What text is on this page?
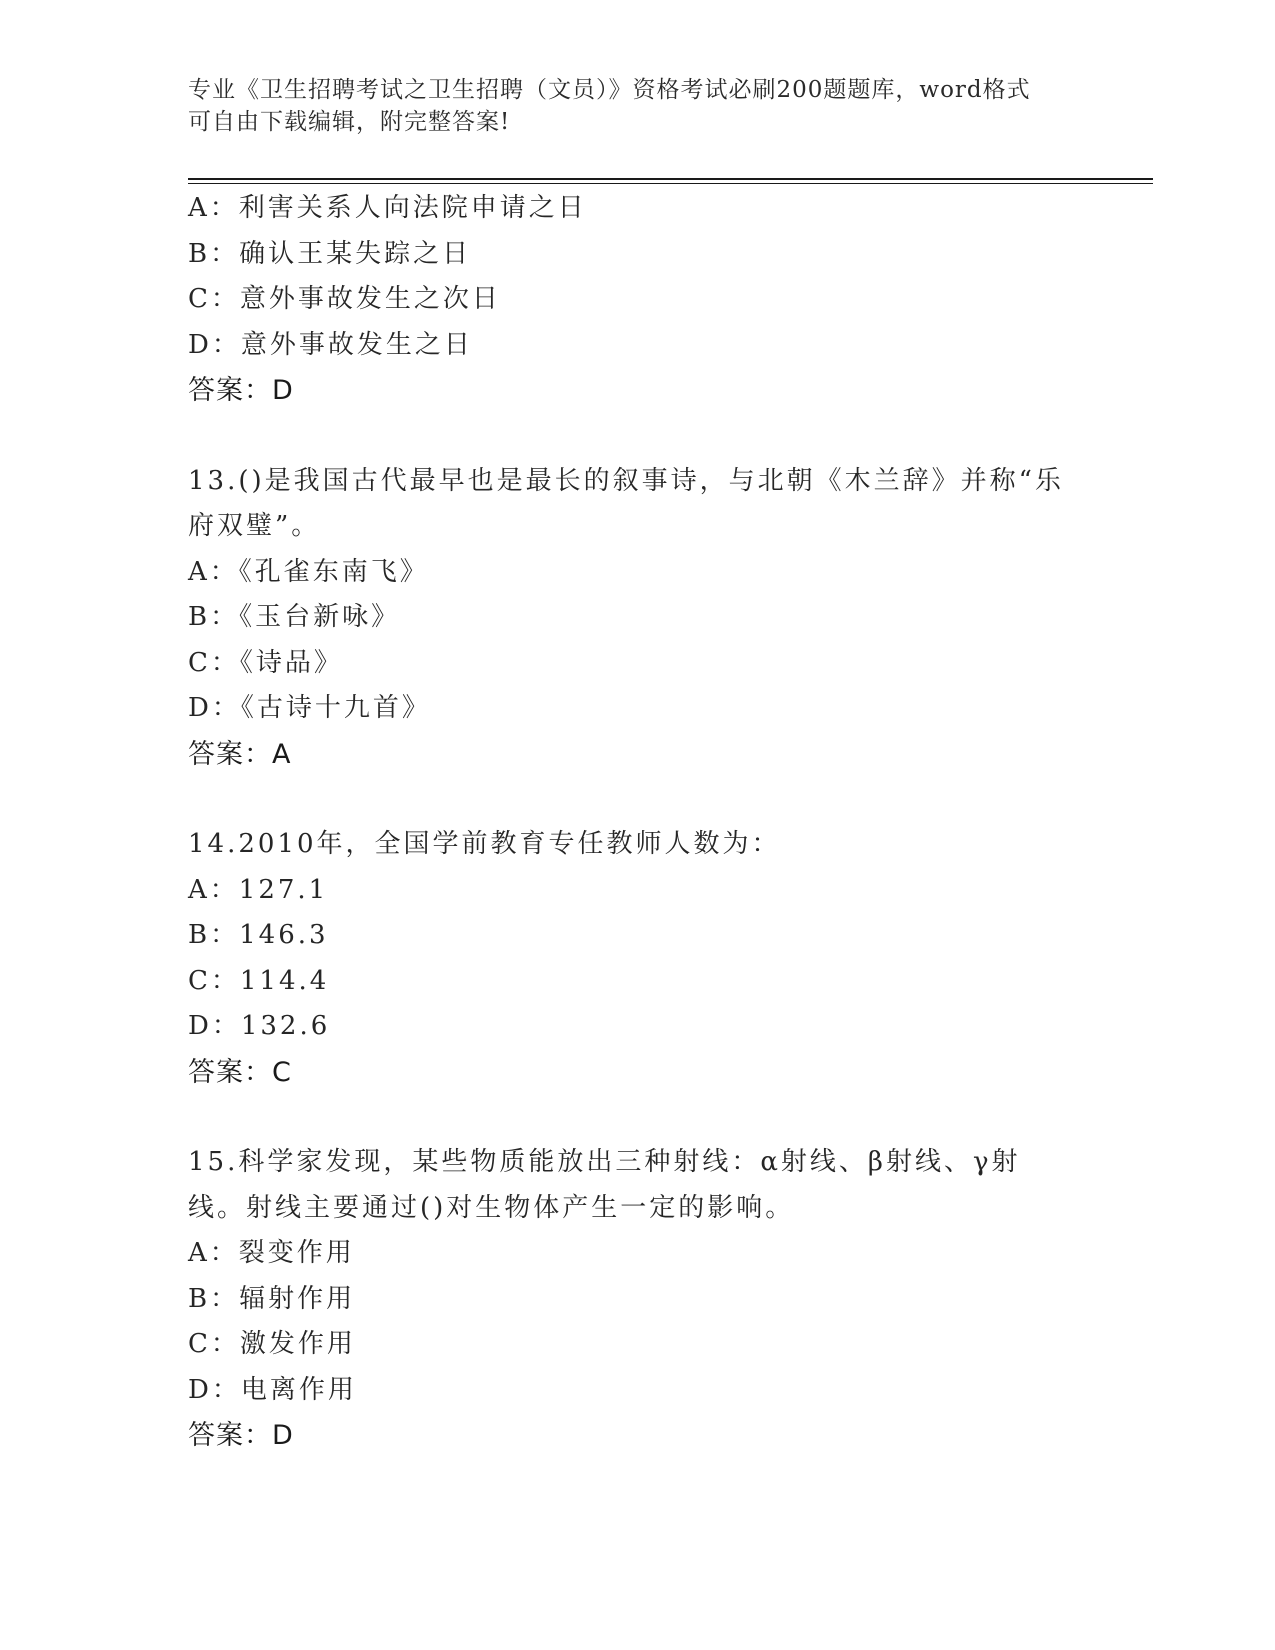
专业《卫生招聘考试之卫生招聘（文员）》资格考试必刷200题题库，word格式
可自由下载编辑，附完整答案!
A：利害关系人向法院申请之日
B：确认王某失踪之日
C：意外事故发生之次日
D：意外事故发生之日
答案：D
13.()是我国古代最早也是最长的叙事诗，与北朝《木兰辞》并称“乐
府双璧”。
A：《孔雀东南飞》
B：《玉台新咏》
C：《诗品》
D：《古诗十九首》
答案：A
14.2010年，全国学前教育专任教师人数为：
A：127.1
B：146.3
C：114.4
D：132.6
答案：C
15.科学家发现，某些物质能放出三种射线：α射线、β射线、γ射
线。射线主要通过()对生物体产生一定的影响。
A：裂变作用
B：辐射作用
C：激发作用
D：电离作用
答案：D
